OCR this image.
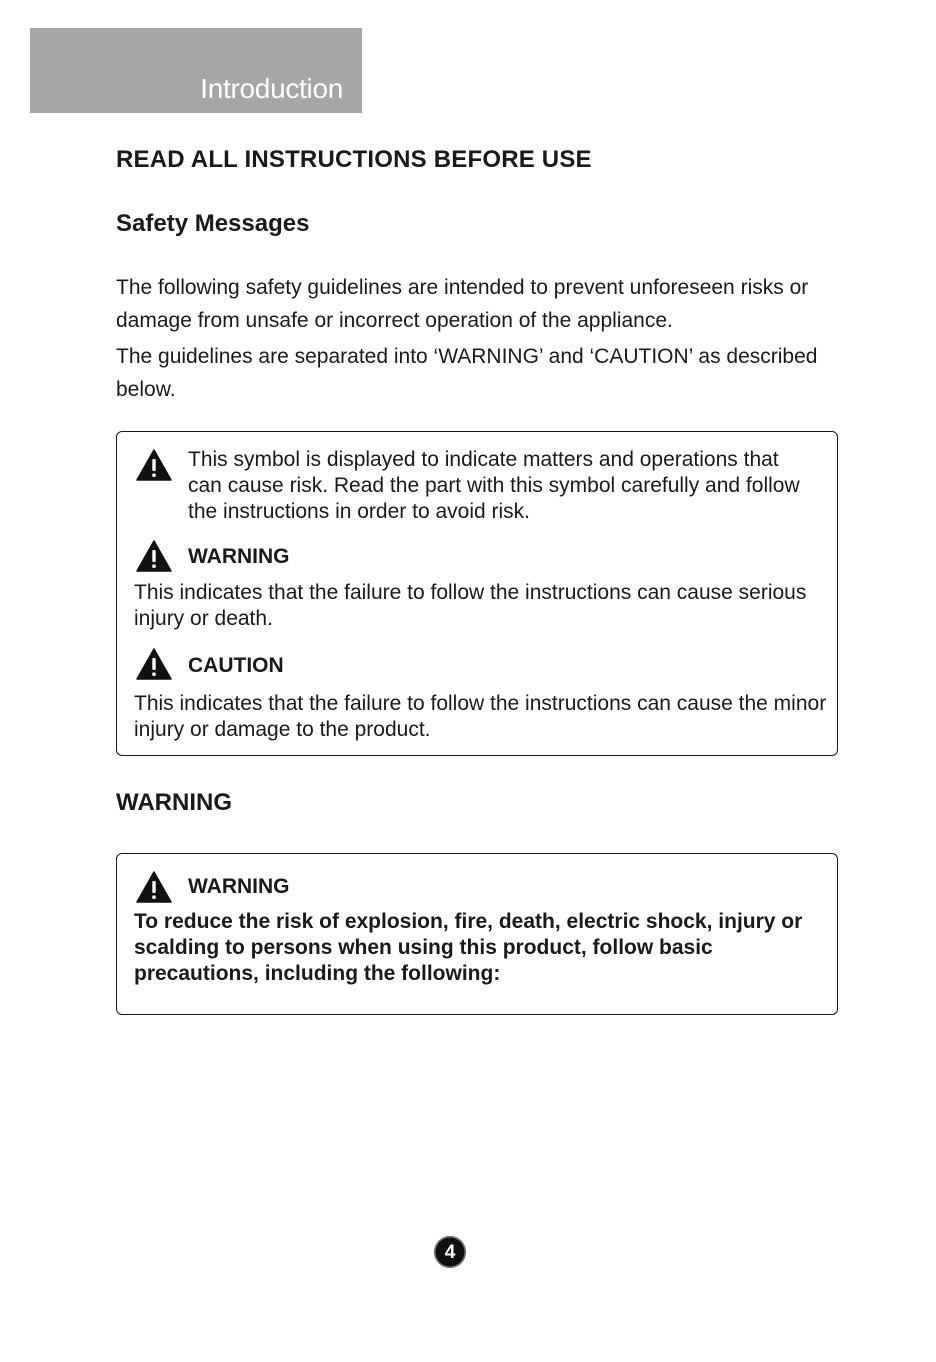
Introduction
READ ALL INSTRUCTIONS BEFORE USE
Safety Messages

The following safety guidelines are intended to prevent unforeseen risks or damage from unsafe or incorrect operation of the appliance.

The guidelines are separated into ‘WARNING’ and ‘CAUTION’ as described below.

This symbol is displayed to indicate matters and operations that can cause risk. Read the part with this symbol carefully and follow the instructions in order to avoid risk.

WARNING

This indicates that the failure to follow the instructions can cause serious injury or death.

CAUTION

This indicates that the failure to follow the instructions can cause the minor injury or damage to the product.

WARNING

WARNING

To reduce the risk of explosion, fire, death, electric shock, injury or scalding to persons when using this product, follow basic precautions, including the following:

4
